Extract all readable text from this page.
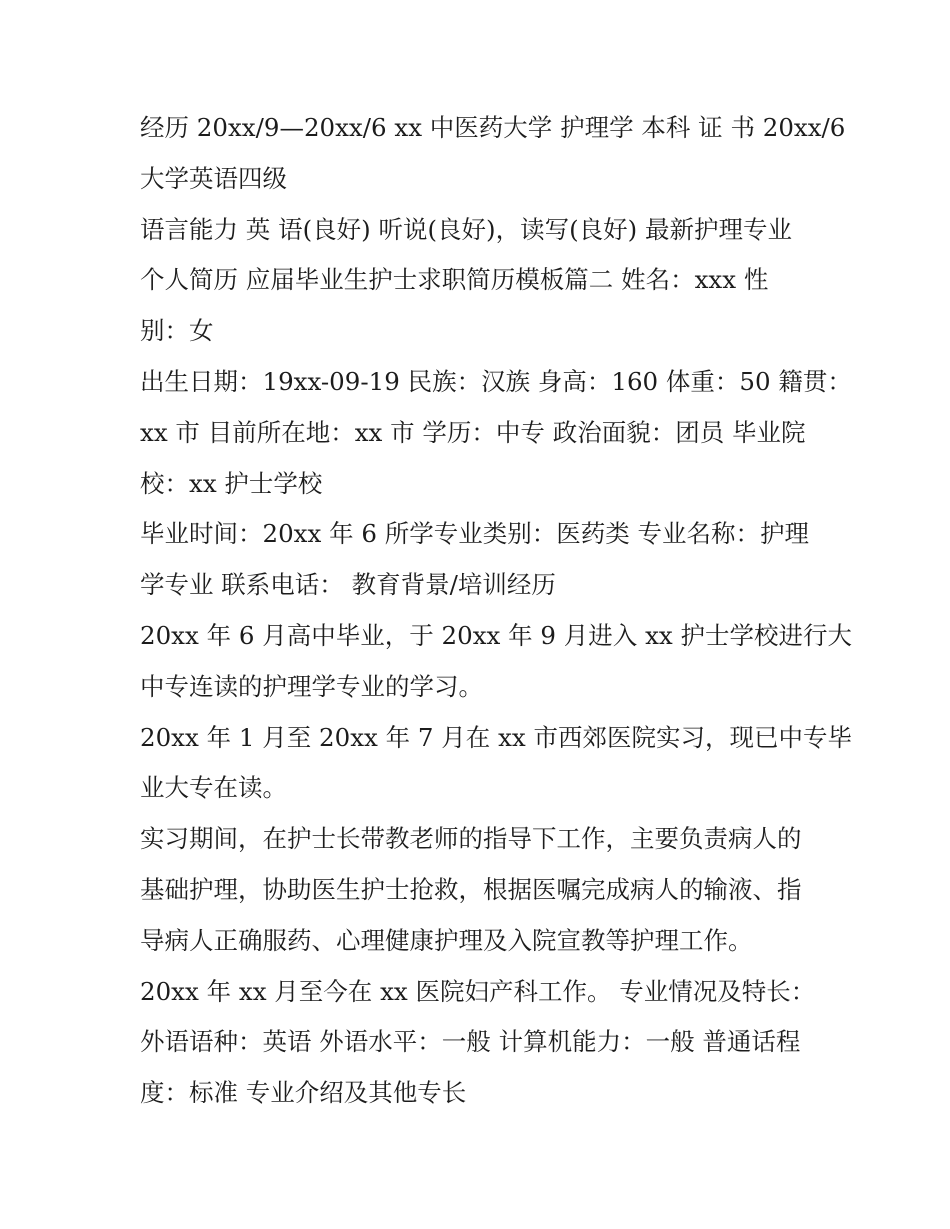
经历 20xx/9—20xx/6 xx 中医药大学 护理学 本科 证 书 20xx/6

大学英语四级

语言能力 英 语(良好) 听说(良好)，读写(良好) 最新护理专业

个人简历 应届毕业生护士求职简历模板篇二 姓名：xxx 性

别：女

出生日期：19xx-09-19 民族：汉族 身高：160 体重：50 籍贯：

xx 市 目前所在地：xx 市 学历：中专 政治面貌：团员 毕业院

校：xx 护士学校

毕业时间：20xx 年 6 所学专业类别：医药类 专业名称：护理

学专业 联系电话： 教育背景/培训经历

20xx 年 6 月高中毕业，于 20xx 年 9 月进入 xx 护士学校进行大

中专连读的护理学专业的学习。

20xx 年 1 月至 20xx 年 7 月在 xx 市西郊医院实习，现已中专毕

业大专在读。

实习期间，在护士长带教老师的指导下工作，主要负责病人的

基础护理，协助医生护士抢救，根据医嘱完成病人的输液、指

导病人正确服药、心理健康护理及入院宣教等护理工作。

20xx 年 xx 月至今在 xx 医院妇产科工作。 专业情况及特长：

外语语种：英语 外语水平：一般 计算机能力：一般 普通话程

度：标准 专业介绍及其他专长
